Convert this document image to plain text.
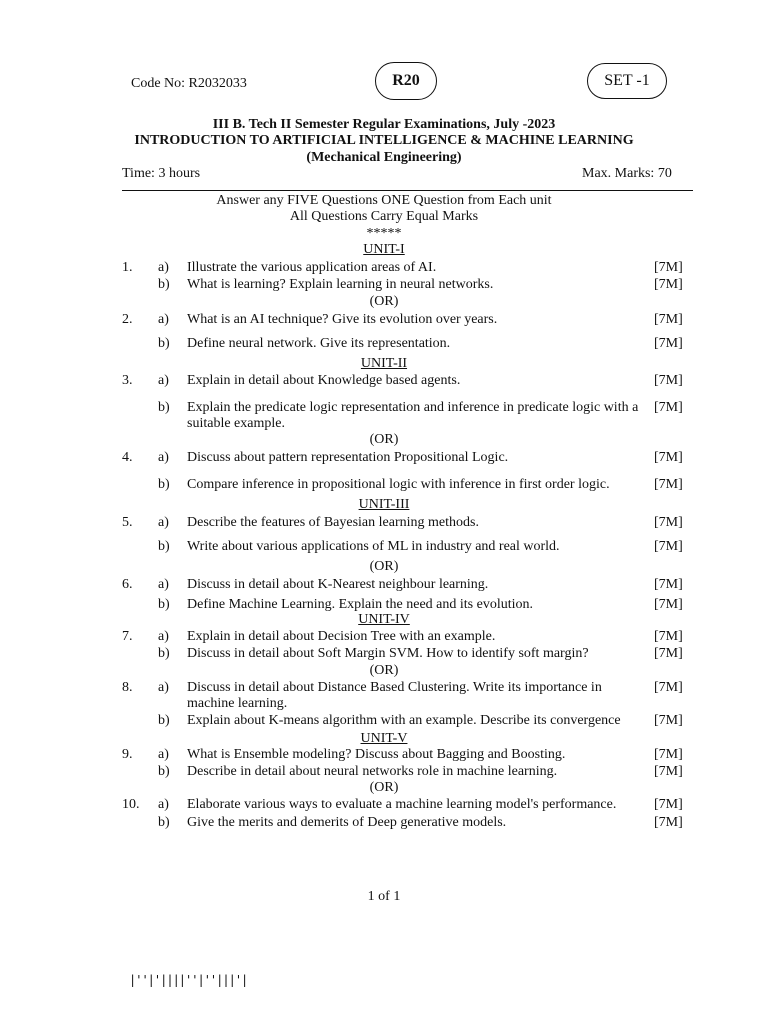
Code No: R2032033	R20	SET -1
III B. Tech II Semester Regular Examinations, July -2023
INTRODUCTION TO ARTIFICIAL INTELLIGENCE & MACHINE LEARNING
(Mechanical Engineering)
Time: 3 hours	Max. Marks: 70
Answer any FIVE Questions ONE Question from Each unit
All Questions Carry Equal Marks
*****
UNIT-I
1.	a)	Illustrate the various application areas of AI.	[7M]
b)	What is learning? Explain learning in neural networks.	[7M]
(OR)
2.	a)	What is an AI technique? Give its evolution over years.	[7M]
b)	Define neural network. Give its representation.	[7M]
UNIT-II
3.	a)	Explain in detail about Knowledge based agents.	[7M]
b)	Explain the predicate logic representation and inference in predicate logic with a suitable example.
[7M]
(OR)
4.	a)	Discuss about pattern representation Propositional Logic.	[7M]
b)	Compare inference in propositional logic with inference in first order logic.	[7M]
UNIT-III
5.	a)	Describe the features of Bayesian learning methods.	[7M]
b)	Write about various applications of ML in industry and real world.	[7M]
(OR)
6.	a)	Discuss in detail about K-Nearest neighbour learning.	[7M]
b)	Define Machine Learning. Explain the need and its evolution.	[7M]
UNIT-IV
7.	a)	Explain in detail about Decision Tree with an example.	[7M]
b)	Discuss in detail about Soft Margin SVM. How to identify soft margin?	[7M]
(OR)
8.	a)	Discuss in detail about Distance Based Clustering. Write its importance in machine learning.
[7M]
b)	Explain about K-means algorithm with an example. Describe its convergence	[7M]
UNIT-V
9.	a)	What is Ensemble modeling? Discuss about Bagging and Boosting.	[7M]
b)	Describe in detail about neural networks role in machine learning.	[7M]
(OR)
10.	a)	Elaborate various ways to evaluate a machine learning model's performance.	[7M]
b)	Give the merits and demerits of Deep generative models.	[7M]
1 of 1
|''|'||||''|''|||'|
